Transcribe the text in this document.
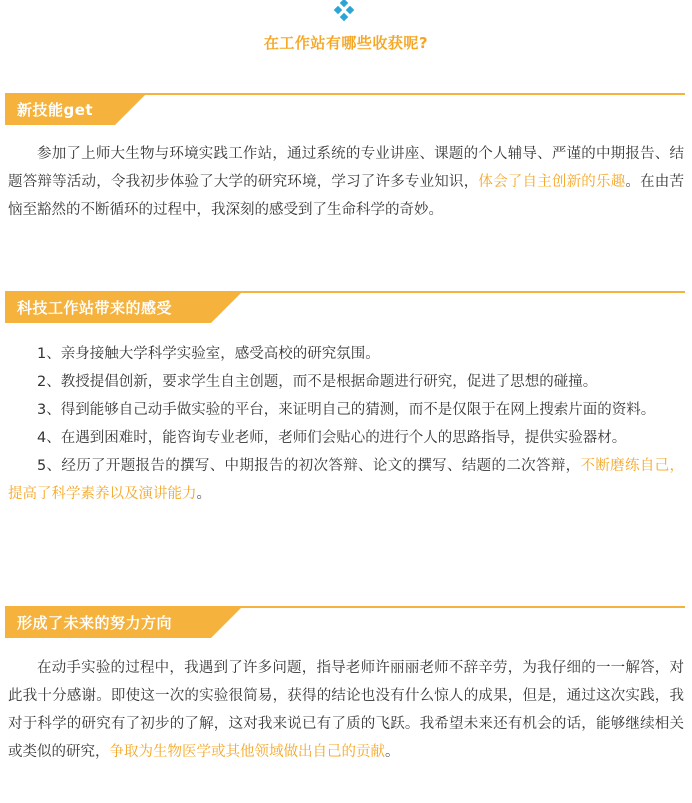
在工作站有哪些收获呢?
新技能get
参加了上师大生物与环境实践工作站，通过系统的专业讲座、课题的个人辅导、严谨的中期报告、结题答辩等活动，令我初步体验了大学的研究环境，学习了许多专业知识，体会了自主创新的乐趣。在由苦恼至豁然的不断循环的过程中，我深刻的感受到了生命科学的奇妙。
科技工作站带来的感受

1、亲身接触大学科学实验室，感受高校的研究氛围。

2、教授提倡创新，要求学生自主创题，而不是根据命题进行研究，促进了思想的碰撞。

3、得到能够自己动手做实验的平台，来证明自己的猜测，而不是仅限于在网上搜索片面的资料。

4、在遇到困难时，能咨询专业老师，老师们会贴心的进行个人的思路指导，提供实验器材。

5、经历了开题报告的撰写、中期报告的初次答辩、论文的撰写、结题的二次答辩，不断磨练自己，提高了科学素养以及演讲能力。

形成了未来的努力方向
在动手实验的过程中，我遇到了许多问题，指导老师许丽丽老师不辞辛劳，为我仔细的一一解答，对此我十分感谢。即使这一次的实验很简易，获得的结论也没有什么惊人的成果，但是，通过这次实践，我对于科学的研究有了初步的了解，这对我来说已有了质的飞跃。我希望未来还有机会的话，能够继续相关或类似的研究，争取为生物医学或其他领域做出自己的贡献。
